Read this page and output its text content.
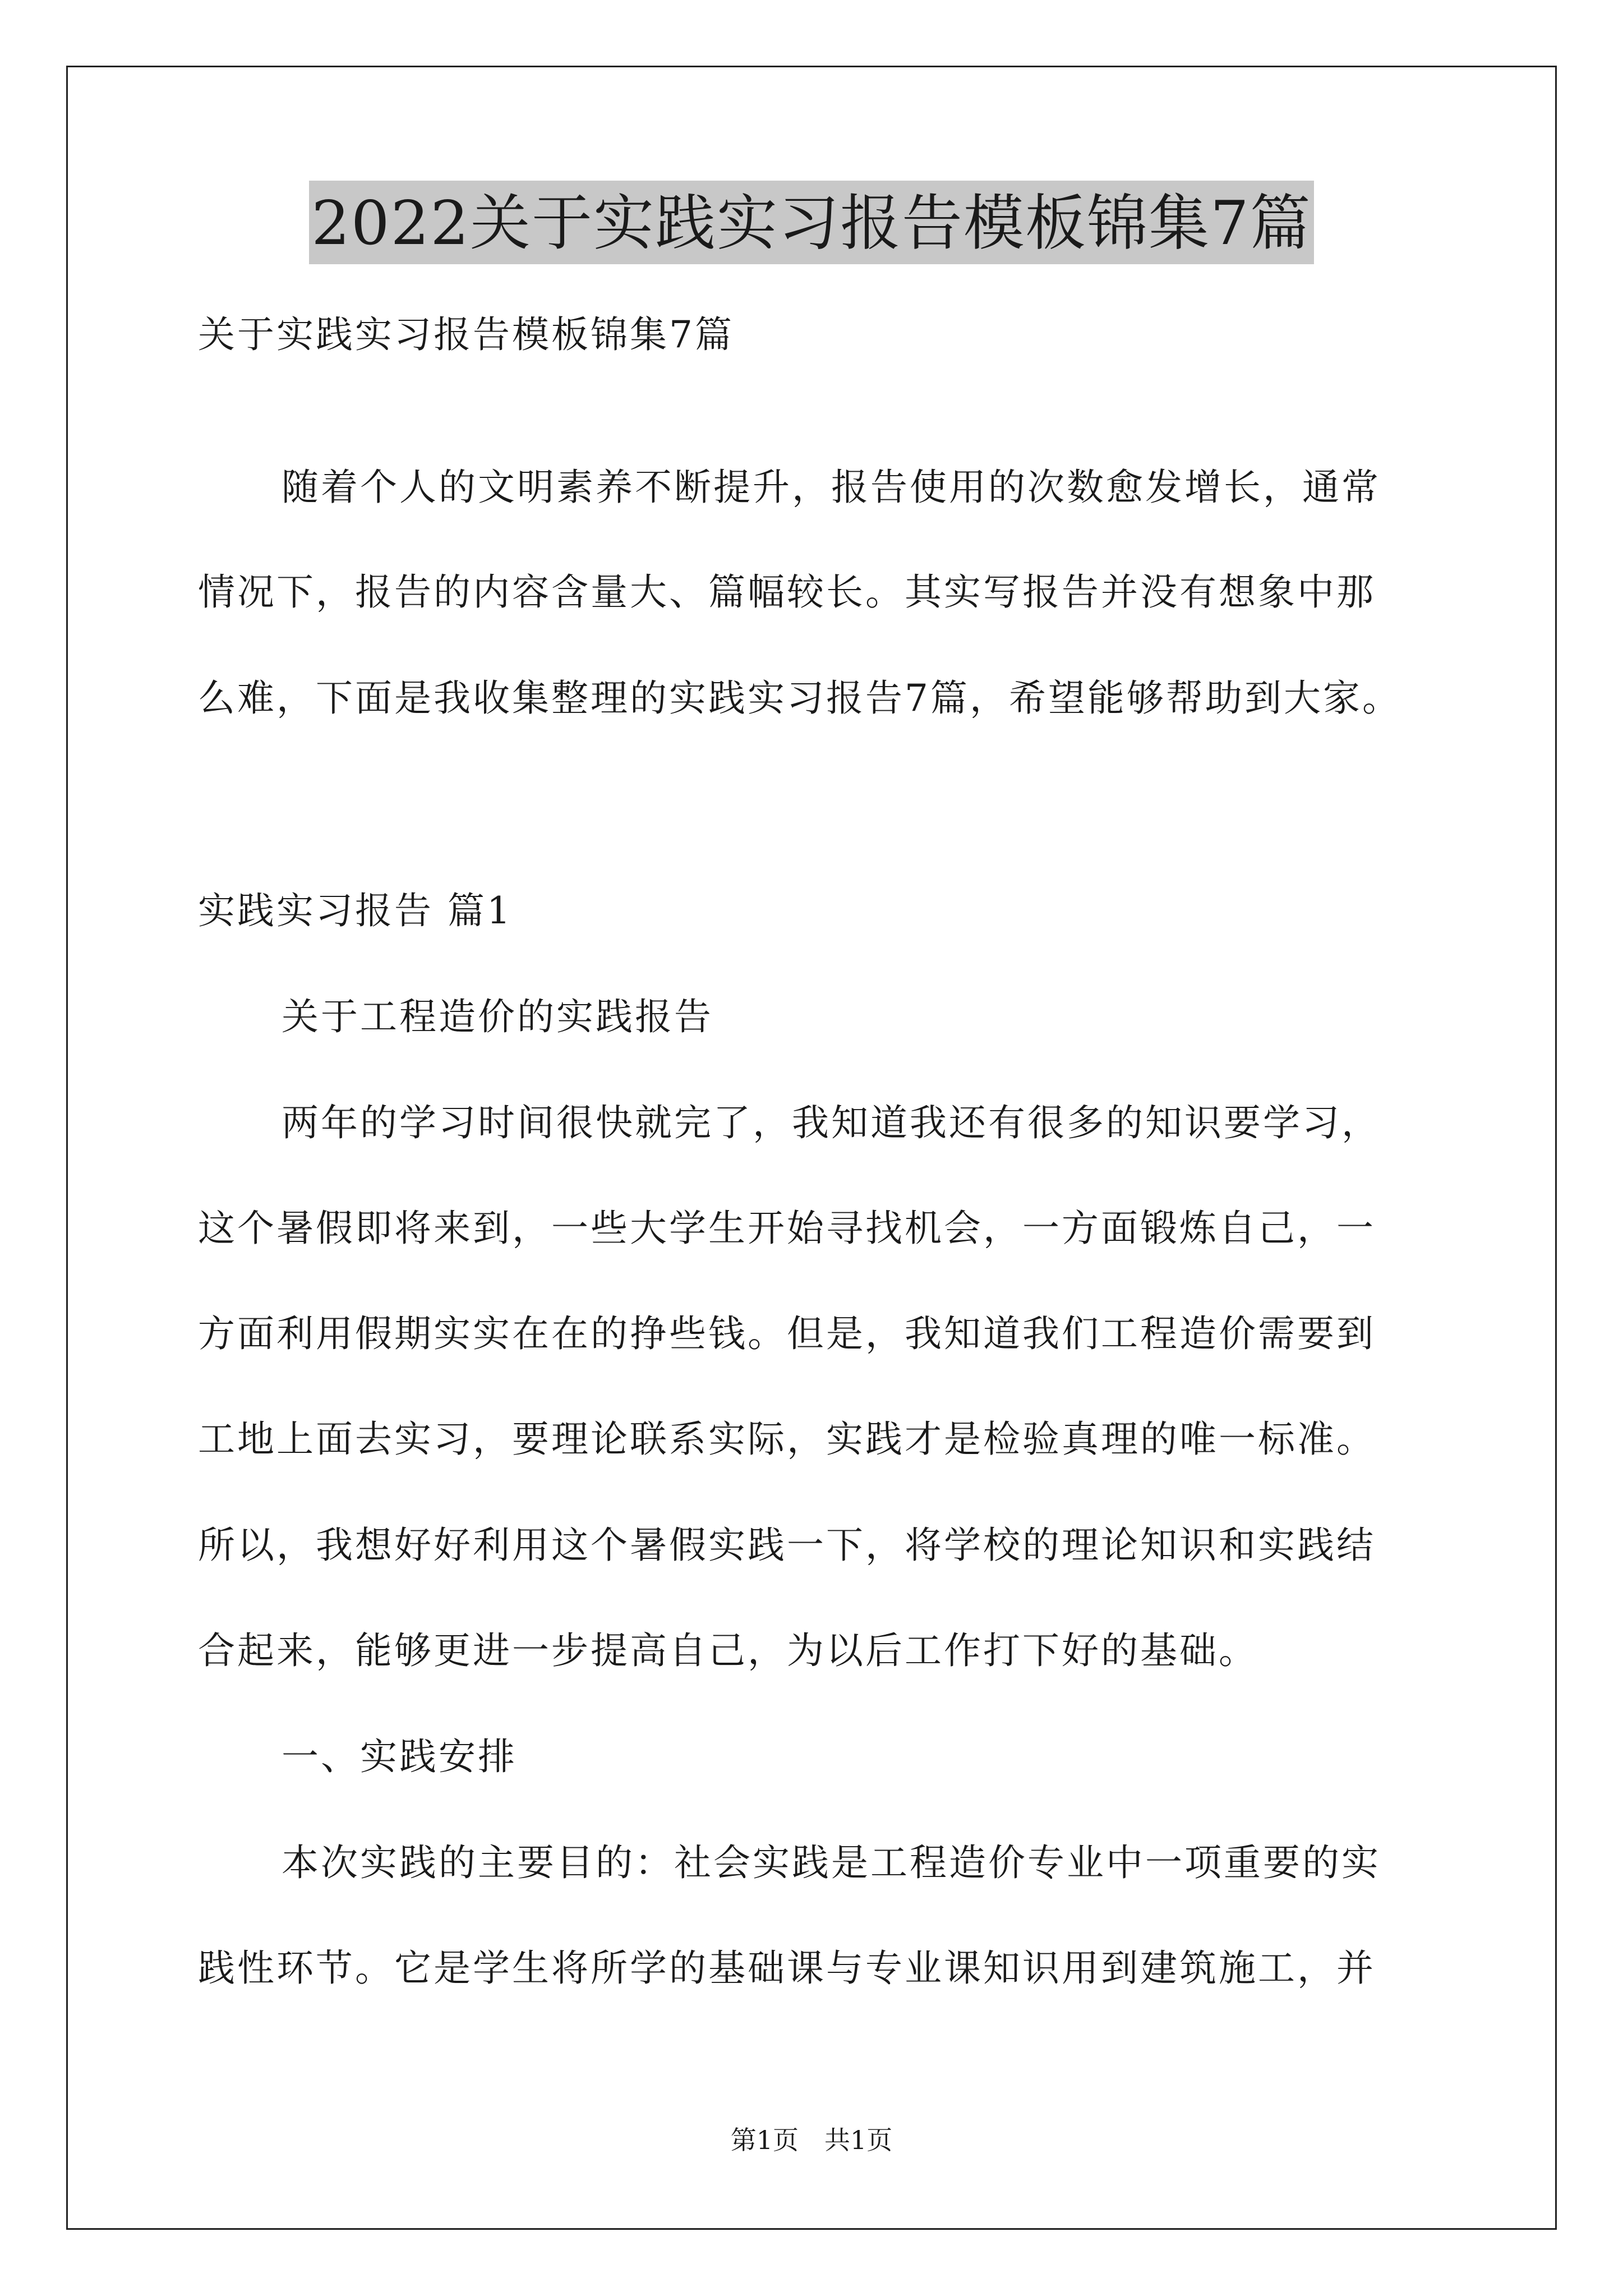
2022关于实践实习报告模板锦集7篇
关于实践实习报告模板锦集7篇
随着个人的文明素养不断提升，报告使用的次数愈发增长，通常
情况下，报告的内容含量大、篇幅较长。其实写报告并没有想象中那
么难，下面是我收集整理的实践实习报告7篇，希望能够帮助到大家。
实践实习报告 篇1
关于工程造价的实践报告
两年的学习时间很快就完了，我知道我还有很多的知识要学习，
这个暑假即将来到，一些大学生开始寻找机会，一方面锻炼自己，一
方面利用假期实实在在的挣些钱。但是，我知道我们工程造价需要到
工地上面去实习，要理论联系实际，实践才是检验真理的唯一标准。
所以，我想好好利用这个暑假实践一下，将学校的理论知识和实践结
合起来，能够更进一步提高自己，为以后工作打下好的基础。
一、实践安排
本次实践的主要目的：社会实践是工程造价专业中一项重要的实
践性环节。它是学生将所学的基础课与专业课知识用到建筑施工，并
第1页 共1页
